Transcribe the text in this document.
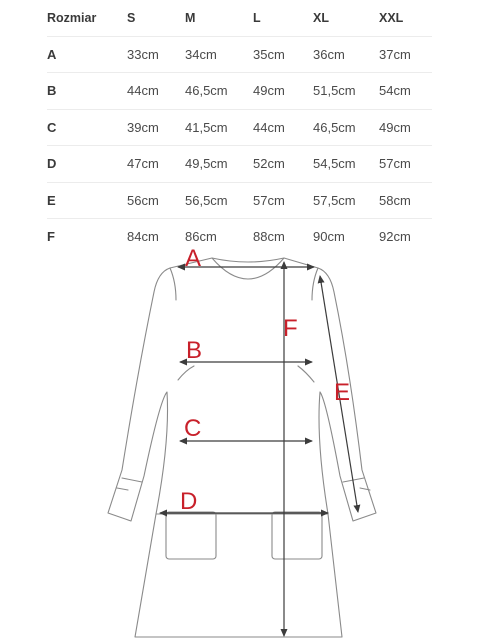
Rozmiar	S	M	L	XL	XXL
A	33cm	34cm	35cm	36cm	37cm
B	44cm	46,5cm	49cm	51,5cm	54cm
C	39cm	41,5cm	44cm	46,5cm	49cm
D	47cm	49,5cm	52cm	54,5cm	57cm
E	56cm	56,5cm	57cm	57,5cm	58cm
F	84cm	86cm	88cm	90cm	92cm
A
B
C
D
E
F
